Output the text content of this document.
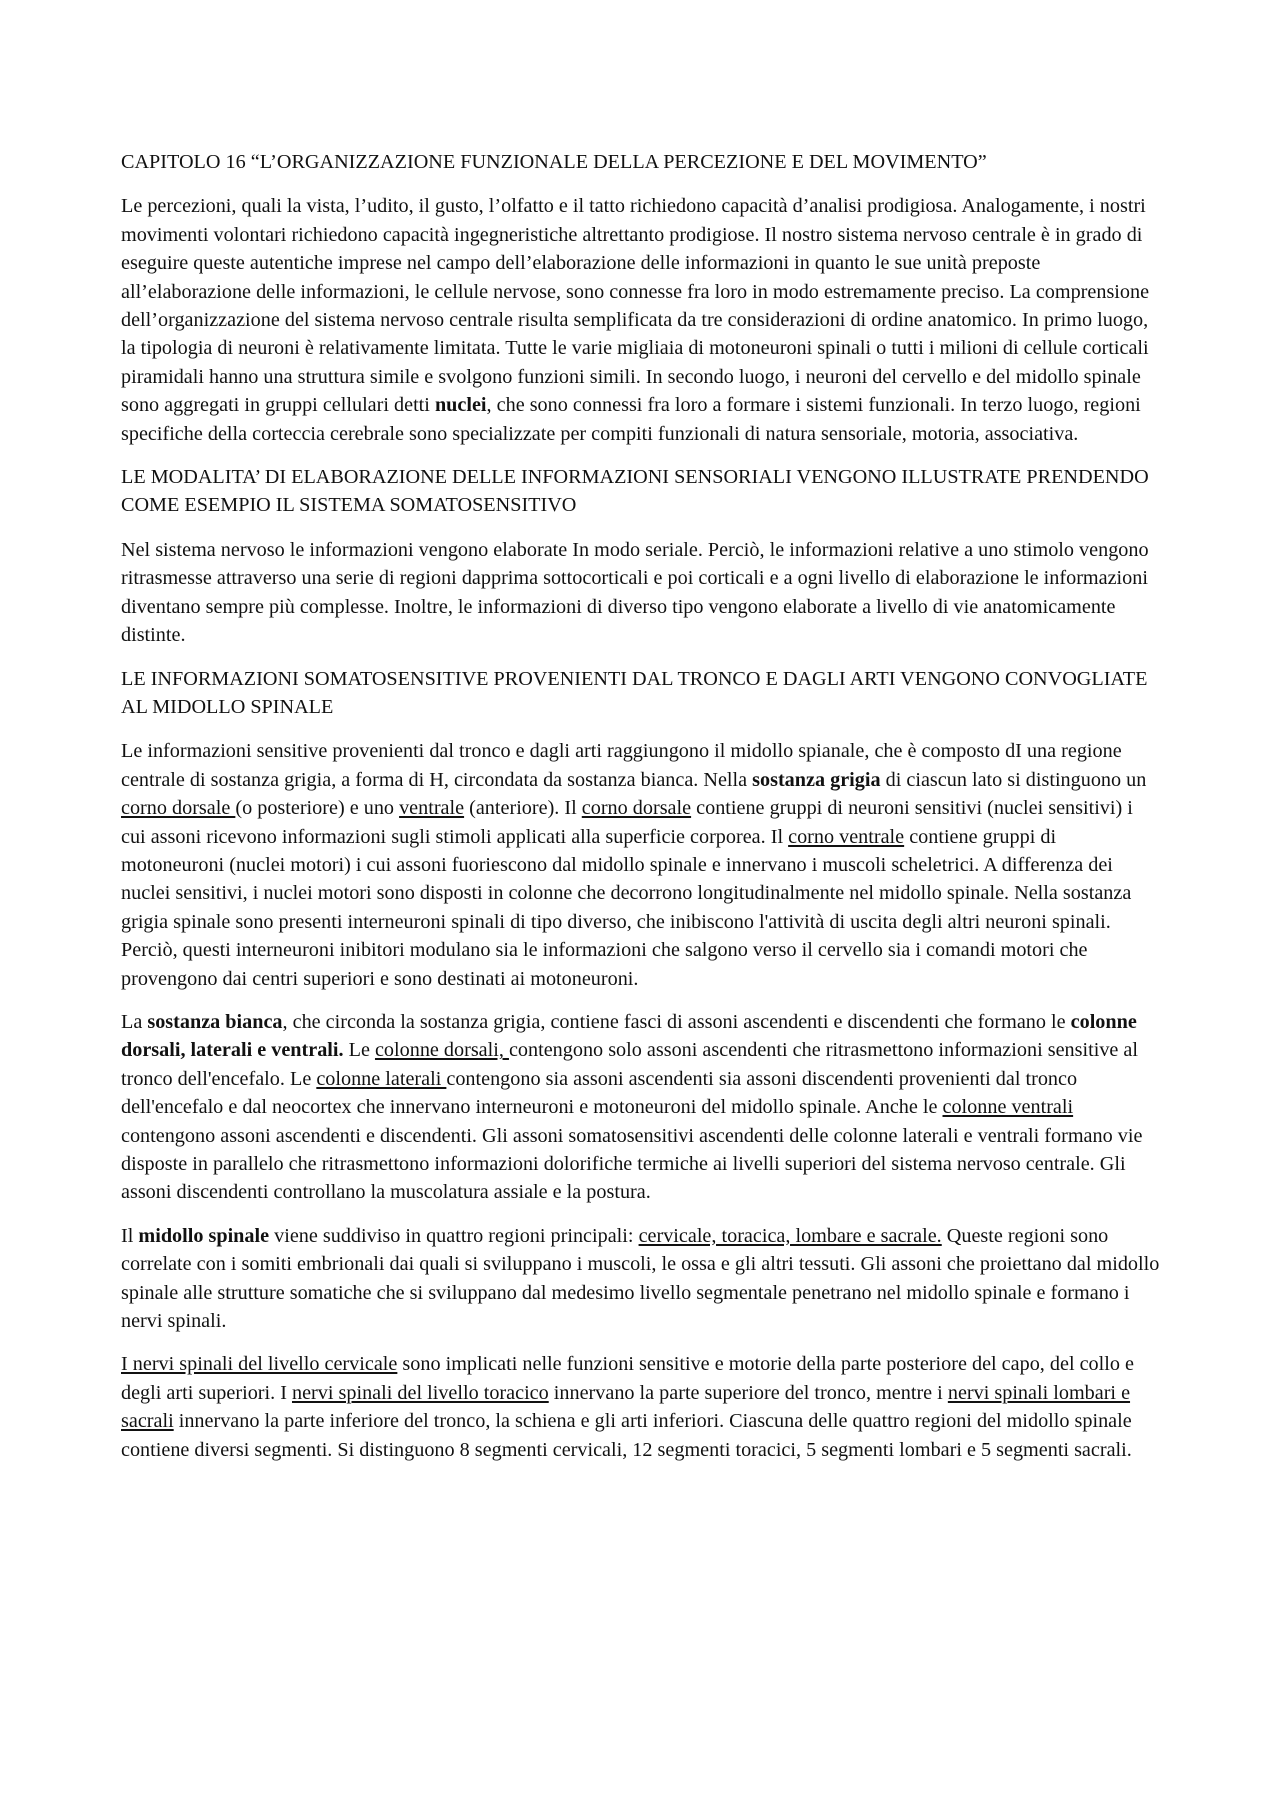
CAPITOLO 16 “L’ORGANIZZAZIONE FUNZIONALE DELLA PERCEZIONE E DEL MOVIMENTO”

Le percezioni, quali la vista, l’udito, il gusto, l’olfatto e il tatto richiedono capacità d’analisi prodigiosa. Analogamente, i nostri movimenti volontari richiedono capacità ingegneristiche altrettanto prodigiose. Il nostro sistema nervoso centrale è in grado di eseguire queste autentiche imprese nel campo dell’elaborazione delle informazioni in quanto le sue unità preposte all’elaborazione delle informazioni, le cellule nervose, sono connesse fra loro in modo estremamente preciso. La comprensione dell’organizzazione del sistema nervoso centrale risulta semplificata da tre considerazioni di ordine anatomico. In primo luogo, la tipologia di neuroni è relativamente limitata. Tutte le varie migliaia di motoneuroni spinali o tutti i milioni di cellule corticali piramidali hanno una struttura simile e svolgono funzioni simili. In secondo luogo, i neuroni del cervello e del midollo spinale sono aggregati in gruppi cellulari detti nuclei, che sono connessi fra loro a formare i sistemi funzionali. In terzo luogo, regioni specifiche della corteccia cerebrale sono specializzate per compiti funzionali di natura sensoriale, motoria, associativa.

LE MODALITA’ DI ELABORAZIONE DELLE INFORMAZIONI SENSORIALI VENGONO ILLUSTRATE PRENDENDO COME ESEMPIO IL SISTEMA SOMATOSENSITIVO

Nel sistema nervoso le informazioni vengono elaborate In modo seriale. Perciò, le informazioni relative a uno stimolo vengono ritrasmesse attraverso una serie di regioni dapprima sottocorticali e poi corticali e a ogni livello di elaborazione le informazioni diventano sempre più complesse. Inoltre, le informazioni di diverso tipo vengono elaborate a livello di vie anatomicamente distinte.

LE INFORMAZIONI SOMATOSENSITIVE PROVENIENTI DAL TRONCO E DAGLI ARTI VENGONO CONVOGLIATE AL MIDOLLO SPINALE

Le informazioni sensitive provenienti dal tronco e dagli arti raggiungono il midollo spianale, che è composto dI una regione centrale di sostanza grigia, a forma di H, circondata da sostanza bianca. Nella sostanza grigia di ciascun lato si distinguono un corno dorsale (o posteriore) e uno ventrale (anteriore). Il corno dorsale contiene gruppi di neuroni sensitivi (nuclei sensitivi) i cui assoni ricevono informazioni sugli stimoli applicati alla superficie corporea. Il corno ventrale contiene gruppi di motoneuroni (nuclei motori) i cui assoni fuoriescono dal midollo spinale e innervano i muscoli scheletrici. A differenza dei nuclei sensitivi, i nuclei motori sono disposti in colonne che decorrono longitudinalmente nel midollo spinale. Nella sostanza grigia spinale sono presenti interneuroni spinali di tipo diverso, che inibiscono l'attività di uscita degli altri neuroni spinali. Perciò, questi interneuroni inibitori modulano sia le informazioni che salgono verso il cervello sia i comandi motori che provengono dai centri superiori e sono destinati ai motoneuroni.

La sostanza bianca, che circonda la sostanza grigia, contiene fasci di assoni ascendenti e discendenti che formano le colonne dorsali, laterali e ventrali. Le colonne dorsali, contengono solo assoni ascendenti che ritrasmettono informazioni sensitive al tronco dell'encefalo. Le colonne laterali contengono sia assoni ascendenti sia assoni discendenti provenienti dal tronco dell'encefalo e dal neocortex che innervano interneuroni e motoneuroni del midollo spinale. Anche le colonne ventrali contengono assoni ascendenti e discendenti. Gli assoni somatosensitivi ascendenti delle colonne laterali e ventrali formano vie disposte in parallelo che ritrasmettono informazioni dolorifiche termiche ai livelli superiori del sistema nervoso centrale. Gli assoni discendenti controllano la muscolatura assiale e la postura.

Il midollo spinale viene suddiviso in quattro regioni principali: cervicale, toracica, lombare e sacrale. Queste regioni sono correlate con i somiti embrionali dai quali si sviluppano i muscoli, le ossa e gli altri tessuti. Gli assoni che proiettano dal midollo spinale alle strutture somatiche che si sviluppano dal medesimo livello segmentale penetrano nel midollo spinale e formano i nervi spinali.

I nervi spinali del livello cervicale sono implicati nelle funzioni sensitive e motorie della parte posteriore del capo, del collo e degli arti superiori. I nervi spinali del livello toracico innervano la parte superiore del tronco, mentre i nervi spinali lombari e sacrali innervano la parte inferiore del tronco, la schiena e gli arti inferiori. Ciascuna delle quattro regioni del midollo spinale contiene diversi segmenti. Si distinguono 8 segmenti cervicali, 12 segmenti toracici, 5 segmenti lombari e 5 segmenti sacrali.
